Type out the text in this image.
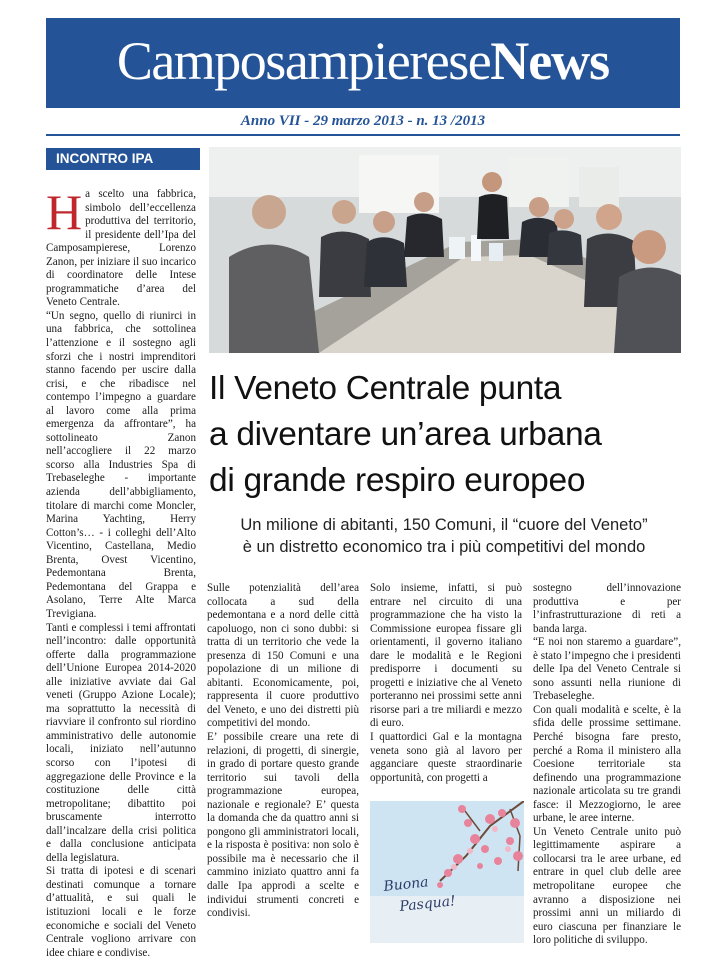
CamposampiereseNews
Anno VII - 29 marzo 2013 - n. 13 /2013
INCONTRO IPA

Ha scelto una fabbrica, simbolo dell’eccellenza produttiva del territorio, il presidente dell’Ipa del Camposampierese, Lorenzo Zanon, per iniziare il suo incarico di coordinatore delle Intese programmatiche d’area del Veneto Centrale.

“Un segno, quello di riunirci in una fabbrica, che sottolinea l’attenzione e il sostegno agli sforzi che i nostri imprenditori stanno facendo per uscire dalla crisi, e che ribadisce nel contempo l’impegno a guardare al lavoro come alla prima emergenza da affrontare”, ha sottolineato Zanon nell’accogliere il 22 marzo scorso alla Industries Spa di Trebaseleghe - importante azienda dell’abbigliamento, titolare di marchi come Moncler, Marina Yachting, Herry Cotton’s… - i colleghi dell’Alto Vicentino, Castellana, Medio Brenta, Ovest Vicentino, Pedemontana Brenta, Pedemontana del Grappa e Asolano, Terre Alte Marca Trevigiana.

Tanti e complessi i temi affrontati nell’incontro: dalle opportunità offerte dalla programmazione dell’Unione Europea 2014-2020 alle iniziative avviate dai Gal veneti (Gruppo Azione Locale); ma soprattutto la necessità di riavviare il confronto sul riordino amministrativo delle autonomie locali, iniziato nell’autunno scorso con l’ipotesi di aggregazione delle Province e la costituzione delle città metropolitane; dibattito poi bruscamente interrotto dall’incalzare della crisi politica e dalla conclusione anticipata della legislatura.

Si tratta di ipotesi e di scenari destinati comunque a tornare d’attualità, e sui quali le istituzioni locali e le forze economiche e sociali del Veneto Centrale vogliono arrivare con idee chiare e condivise.

Il Veneto Centrale punta
a diventare un’area urbana
di grande respiro europeo
Un milione di abitanti, 150 Comuni, il “cuore del Veneto”
è un distretto economico tra i più competitivi del mondo

Sulle potenzialità dell’area collocata a sud della pedemontana e a nord delle città capoluogo, non ci sono dubbi: si tratta di un territorio che vede la presenza di 150 Comuni e una popolazione di un milione di abitanti. Economicamente, poi, rappresenta il cuore produttivo del Veneto, e uno dei distretti più competitivi del mondo.

E’ possibile creare una rete di relazioni, di progetti, di sinergie, in grado di portare questo grande territorio sui tavoli della programmazione europea, nazionale e regionale? E’ questa la domanda che da quattro anni si pongono gli amministratori locali, e la risposta è positiva: non solo è possibile ma è necessario che il cammino iniziato quattro anni fa dalle Ipa approdi a scelte e individui strumenti concreti e condivisi.

Solo insieme, infatti, si può entrare nel circuito di una programmazione che ha visto la Commissione europea fissare gli orientamenti, il governo italiano dare le modalità e le Regioni predisporre i documenti su progetti e iniziative che al Veneto porteranno nei prossimi sette anni risorse pari a tre miliardi e mezzo di euro.

I quattordici Gal e la montagna veneta sono già al lavoro per agganciare queste straordinarie opportunità, con progetti a

Buona
Pasqua!

sostegno dell’innovazione produttiva e per l’infrastrutturazione di reti a banda larga.

“E noi non staremo a guardare”, è stato l’impegno che i presidenti delle Ipa del Veneto Centrale si sono assunti nella riunione di Trebaseleghe.

Con quali modalità e scelte, è la sfida delle prossime settimane. Perché bisogna fare presto, perché a Roma il ministero alla Coesione territoriale sta definendo una programmazione nazionale articolata su tre grandi fasce: il Mezzogiorno, le aree urbane, le aree interne.

Un Veneto Centrale unito può legittimamente aspirare a collocarsi tra le aree urbane, ed entrare in quel club delle aree metropolitane europee che avranno a disposizione nei prossimi anni un miliardo di euro ciascuna per finanziare le loro politiche di sviluppo.
